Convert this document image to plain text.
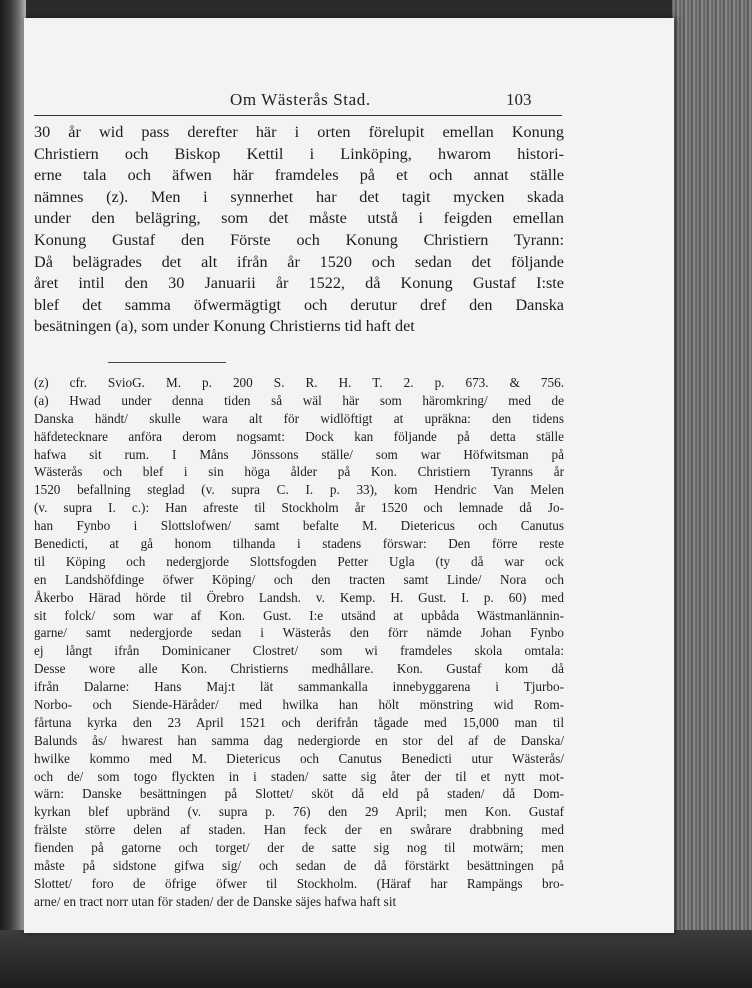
Om Wästerås Stad.	103
30 år wid pass derefter här i orten förelupit emellan Konung
Christiern och Biskop Kettil i Linköping, hwarom histori-
erne tala och äfwen här framdeles på et och annat ställe
nämnes (z). Men i synnerhet har det tagit mycken skada
under den belägring, som det måste utstå i feigden emellan
Konung Gustaf den Förste och Konung Christiern Tyrann:
Då belägrades det alt ifrån år 1520 och sedan det följande
året intil den 30 Januarii år 1522, då Konung Gustaf I:ste
blef det samma öfwermägtigt och derutur dref den Danska
besätningen (a), som under Konung Christierns tid haft det
(z) cfr. SvioG. M. p. 200 S. R. H. T. 2. p. 673. & 756.
(a) Hwad under denna tiden så wäl här som häromkring/ med de
Danska händt/ skulle wara alt för widlöftigt at upräkna: den tidens
häfdetecknare anföra derom nogsamt: Dock kan följande på detta ställe
hafwa sit rum. I Måns Jönssons ställe/ som war Höfwitsman på
Wästerås och blef i sin höga ålder på Kon. Christiern Tyranns år
1520 befallning steglad (v. supra C. I. p. 33), kom Hendric Van Melen
(v. supra I. c.): Han afreste til Stockholm år 1520 och lemnade då Jo-
han Fynbo i Slottslofwen/ samt befalte M. Dietericus och Canutus
Benedicti, at gå honom tilhanda i stadens förswar: Den förre reste
til Köping och nedergjorde Slottsfogden Petter Ugla (ty då war ock
en Landshöfdinge öfwer Köping/ och den tracten samt Linde/ Nora och
Åkerbo Härad hörde til Örebro Landsh. v. Kemp. H. Gust. I. p. 60) med
sit folck/ som war af Kon. Gust. I:e utsänd at upbåda Wästmanlännin-
garne/ samt nedergjorde sedan i Wästerås den förr nämde Johan Fynbo
ej långt ifrån Dominicaner Clostret/ som wi framdeles skola omtala:
Desse wore alle Kon. Christierns medhållare. Kon. Gustaf kom då
ifrån Dalarne: Hans Maj:t lät sammankalla innebyggarena i Tjurbo-
Norbo- och Siende-Häråder/ med hwilka han hölt mönstring wid Rom-
fårtuna kyrka den 23 April 1521 och derifrån tågade med 15,000 man til
Balunds ås/ hwarest han samma dag nedergiorde en stor del af de Danska/
hwilke kommo med M. Dietericus och Canutus Benedicti utur Wästerås/
och de/ som togo flyckten in i staden/ satte sig åter der til et nytt mot-
wärn: Danske besättningen på Slottet/ sköt då eld på staden/ då Dom-
kyrkan blef upbränd (v. supra p. 76) den 29 April; men Kon. Gustaf
frälste större delen af staden. Han feck der en swårare drabbning med
fienden på gatorne och torget/ der de satte sig nog til motwärn; men
måste på sidstone gifwa sig/ och sedan de då förstärkt besättningen på
Slottet/ foro de öfrige öfwer til Stockholm. (Häraf har Rampängs bro-
arne/ en tract norr utan för staden/ der de Danske säjes hafwa haft sit
